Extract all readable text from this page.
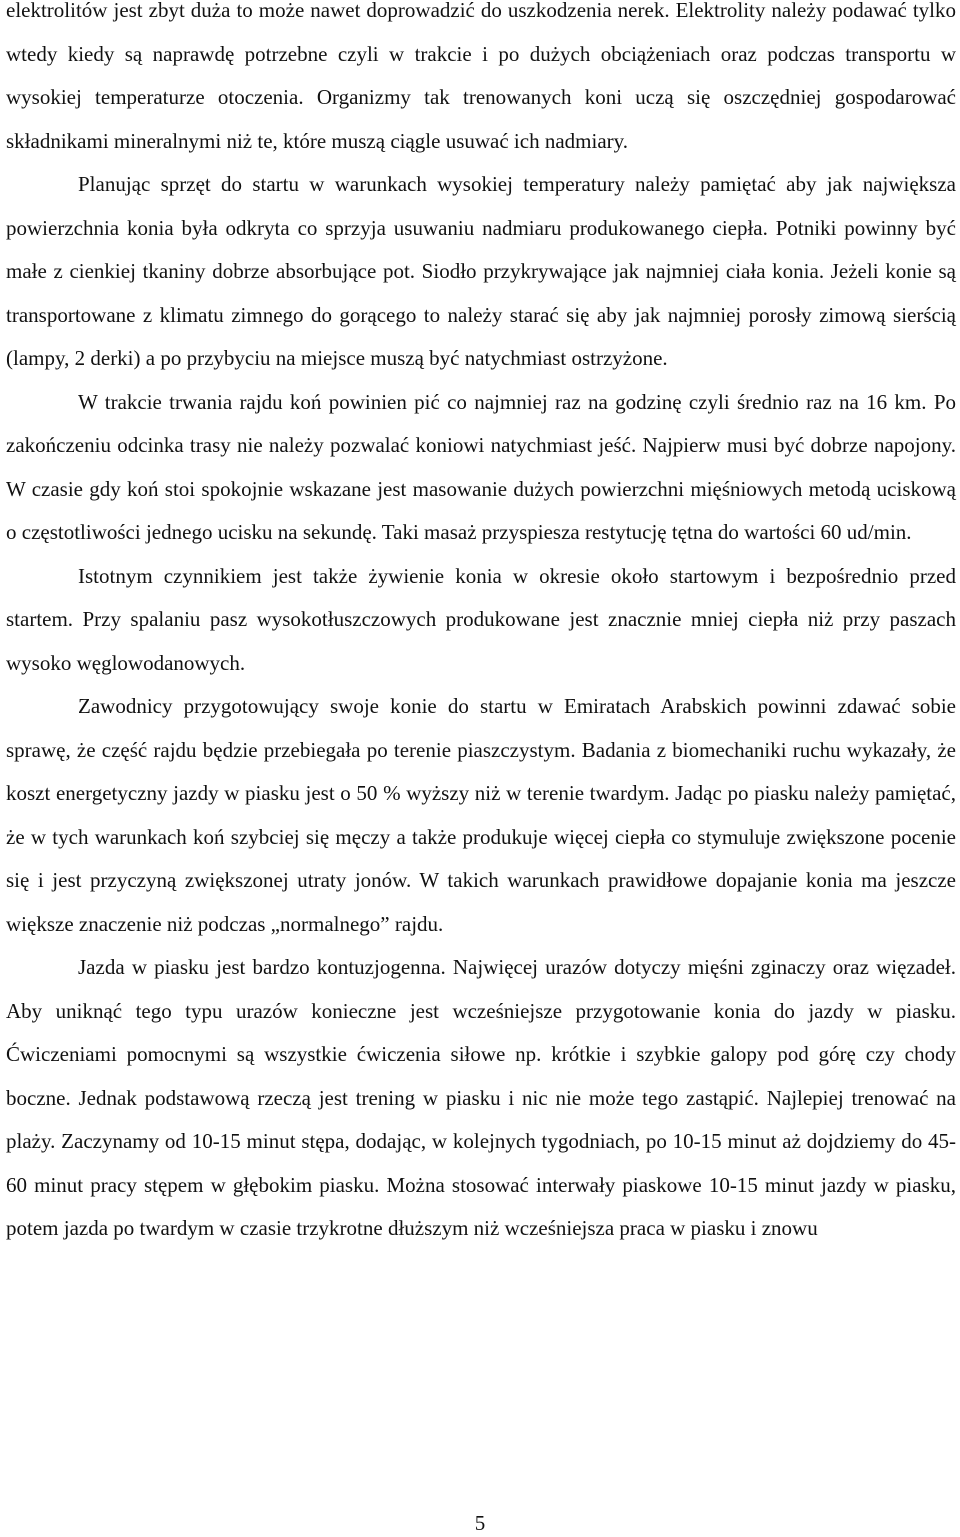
elektrolitów jest zbyt duża to może nawet doprowadzić do uszkodzenia nerek. Elektrolity należy podawać tylko wtedy kiedy są naprawdę potrzebne czyli w trakcie i po dużych obciążeniach oraz podczas transportu w wysokiej temperaturze otoczenia. Organizmy tak trenowanych koni uczą się oszczędniej gospodarować składnikami mineralnymi niż te, które muszą ciągle usuwać ich nadmiary.

Planując sprzęt do startu w warunkach wysokiej temperatury należy pamiętać aby jak największa powierzchnia konia była odkryta co sprzyja usuwaniu nadmiaru produkowanego ciepła. Potniki powinny być małe z cienkiej tkaniny dobrze absorbujące pot. Siodło przykrywające jak najmniej ciała konia. Jeżeli konie są transportowane z klimatu zimnego do gorącego to należy starać się aby jak najmniej porosły zimową sierścią (lampy, 2 derki) a po przybyciu na miejsce muszą być natychmiast ostrzyżone.

W trakcie trwania rajdu koń powinien pić co najmniej raz na godzinę czyli średnio raz na 16 km. Po zakończeniu odcinka trasy nie należy pozwalać koniowi natychmiast jeść. Najpierw musi być dobrze napojony. W czasie gdy koń stoi spokojnie wskazane jest masowanie dużych powierzchni mięśniowych metodą uciskową o częstotliwości jednego ucisku na sekundę. Taki masaż przyspiesza restytucję tętna do wartości 60 ud/min.

Istotnym czynnikiem jest także żywienie konia w okresie około startowym i bezpośrednio przed startem. Przy spalaniu pasz wysokotłuszczowych produkowane jest znacznie mniej ciepła niż przy paszach wysoko węglowodanowych.

Zawodnicy przygotowujący swoje konie do startu w Emiratach Arabskich powinni zdawać sobie sprawę, że część rajdu będzie przebiegała po terenie piaszczystym. Badania z biomechaniki ruchu wykazały, że koszt energetyczny jazdy w piasku jest o 50 % wyższy niż w terenie twardym. Jadąc po piasku należy pamiętać, że w tych warunkach koń szybciej się męczy a także produkuje więcej ciepła co stymuluje zwiększone pocenie się i jest przyczyną zwiększonej utraty jonów. W takich warunkach prawidłowe dopajanie konia ma jeszcze większe znaczenie niż podczas „normalnego” rajdu.

Jazda w piasku jest bardzo kontuzjogenna. Najwięcej urazów dotyczy mięśni zginaczy oraz więzadeł. Aby uniknąć tego typu urazów konieczne jest wcześniejsze przygotowanie konia do jazdy w piasku. Ćwiczeniami pomocnymi są wszystkie ćwiczenia siłowe np. krótkie i szybkie galopy pod górę czy chody boczne. Jednak podstawową rzeczą jest trening w piasku i nic nie może tego zastąpić. Najlepiej trenować na plaży. Zaczynamy od 10-15 minut stępa, dodając, w kolejnych tygodniach, po 10-15 minut aż dojdziemy do 45-60 minut pracy stępem w głębokim piasku. Można stosować interwały piaskowe 10-15 minut jazdy w piasku, potem jazda po twardym w czasie trzykrotne dłuższym niż wcześniejsza praca w piasku i znowu

5
